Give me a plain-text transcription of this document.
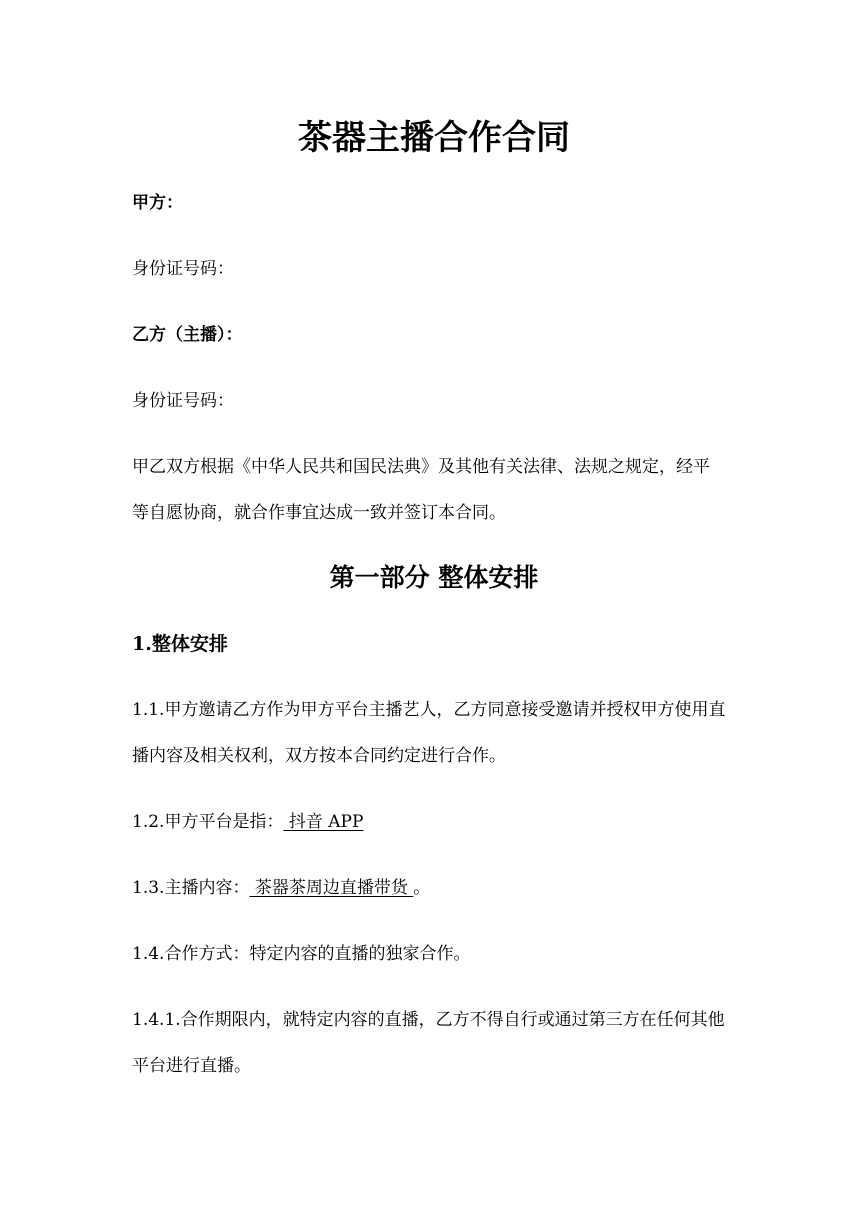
茶器主播合作合同

甲方：

身份证号码：

乙方（主播）：

身份证号码：

甲乙双方根据《中华人民共和国民法典》及其他有关法律、法规之规定，经平

等自愿协商，就合作事宜达成一致并签订本合同。

第一部分 整体安排

1.整体安排

1.1.甲方邀请乙方作为甲方平台主播艺人，乙方同意接受邀请并授权甲方使用直

播内容及相关权利，双方按本合同约定进行合作。

1.2.甲方平台是指： 抖音 APP

1.3.主播内容： 茶器茶周边直播带货 。

1.4.合作方式：特定内容的直播的独家合作。

1.4.1.合作期限内，就特定内容的直播，乙方不得自行或通过第三方在任何其他

平台进行直播。
